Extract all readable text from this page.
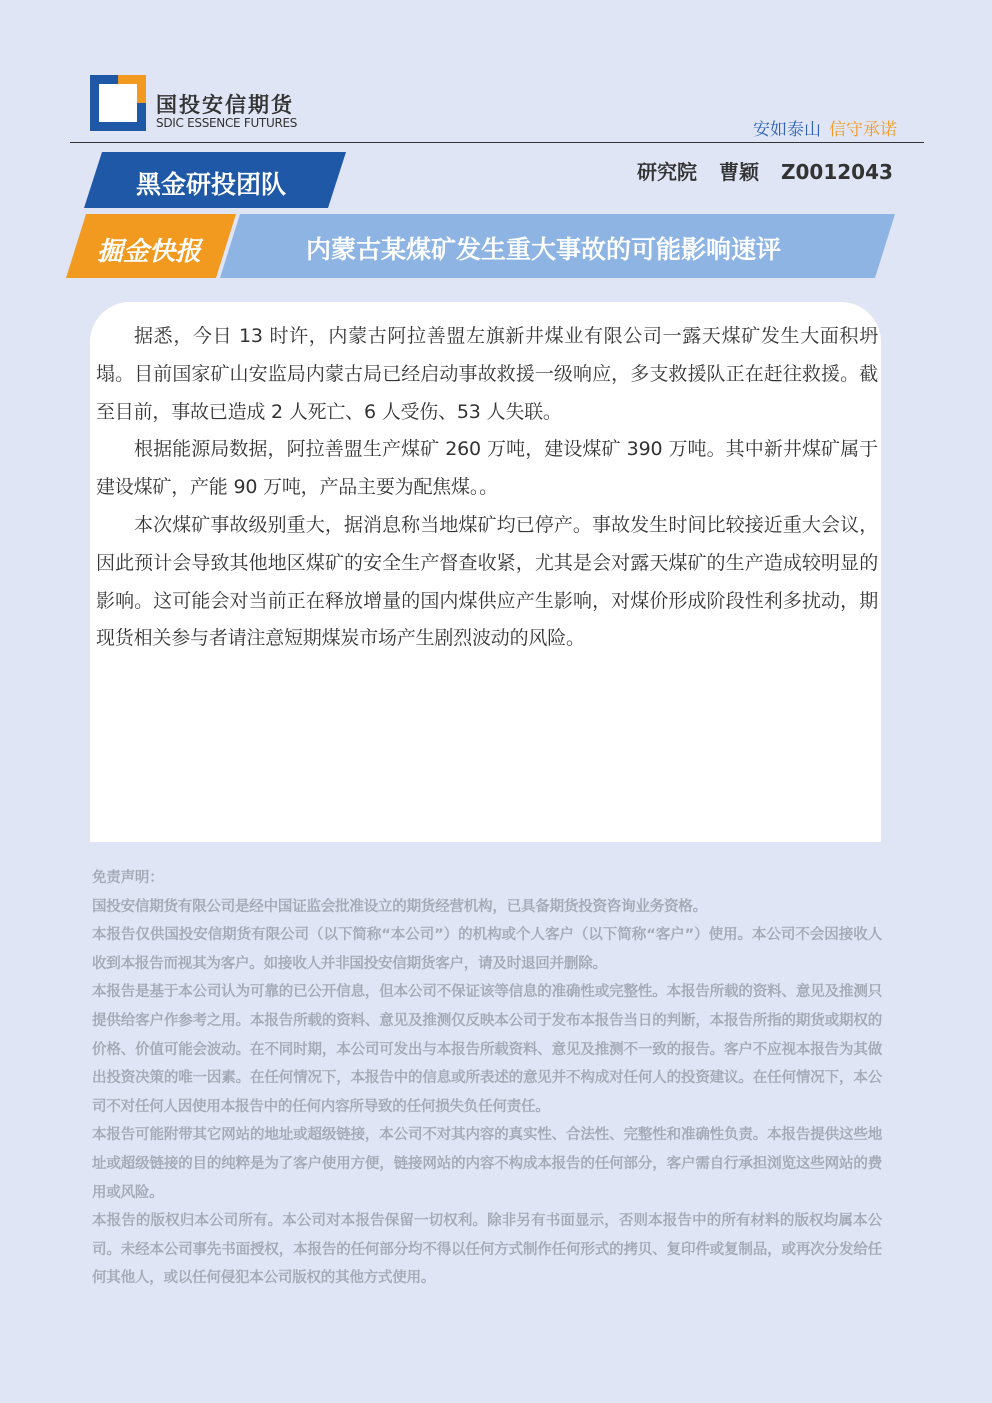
国投安信期货
SDIC ESSENCE FUTURES	安如泰山 信守承诺
黑金研投团队	研究院 曹颖 Z0012043
掘金快报	内蒙古某煤矿发生重大事故的可能影响速评

据悉，今日 13 时许，内蒙古阿拉善盟左旗新井煤业有限公司一露天煤矿发生大面积坍塌。目前国家矿山安监局内蒙古局已经启动事故救援一级响应，多支救援队正在赶往救援。截至目前，事故已造成 2 人死亡、6 人受伤、53 人失联。

根据能源局数据，阿拉善盟生产煤矿 260 万吨，建设煤矿 390 万吨。其中新井煤矿属于建设煤矿，产能 90 万吨，产品主要为配焦煤。。

本次煤矿事故级别重大，据消息称当地煤矿均已停产。事故发生时间比较接近重大会议，因此预计会导致其他地区煤矿的安全生产督查收紧，尤其是会对露天煤矿的生产造成较明显的影响。这可能会对当前正在释放增量的国内煤供应产生影响，对煤价形成阶段性利多扰动，期现货相关参与者请注意短期煤炭市场产生剧烈波动的风险。

免责声明：

国投安信期货有限公司是经中国证监会批准设立的期货经营机构，已具备期货投资咨询业务资格。

本报告仅供国投安信期货有限公司（以下简称“本公司”）的机构或个人客户（以下简称“客户”）使用。本公司不会因接收人收到本报告而视其为客户。如接收人并非国投安信期货客户，请及时退回并删除。

本报告是基于本公司认为可靠的已公开信息，但本公司不保证该等信息的准确性或完整性。本报告所载的资料、意见及推测只提供给客户作参考之用。本报告所载的资料、意见及推测仅反映本公司于发布本报告当日的判断，本报告所指的期货或期权的价格、价值可能会波动。在不同时期，本公司可发出与本报告所载资料、意见及推测不一致的报告。客户不应视本报告为其做出投资决策的唯一因素。在任何情况下，本报告中的信息或所表述的意见并不构成对任何人的投资建议。在任何情况下，本公司不对任何人因使用本报告中的任何内容所导致的任何损失负任何责任。

本报告可能附带其它网站的地址或超级链接，本公司不对其内容的真实性、合法性、完整性和准确性负责。本报告提供这些地址或超级链接的目的纯粹是为了客户使用方便，链接网站的内容不构成本报告的任何部分，客户需自行承担浏览这些网站的费用或风险。

本报告的版权归本公司所有。本公司对本报告保留一切权利。除非另有书面显示，否则本报告中的所有材料的版权均属本公司。未经本公司事先书面授权，本报告的任何部分均不得以任何方式制作任何形式的拷贝、复印件或复制品，或再次分发给任何其他人，或以任何侵犯本公司版权的其他方式使用。
